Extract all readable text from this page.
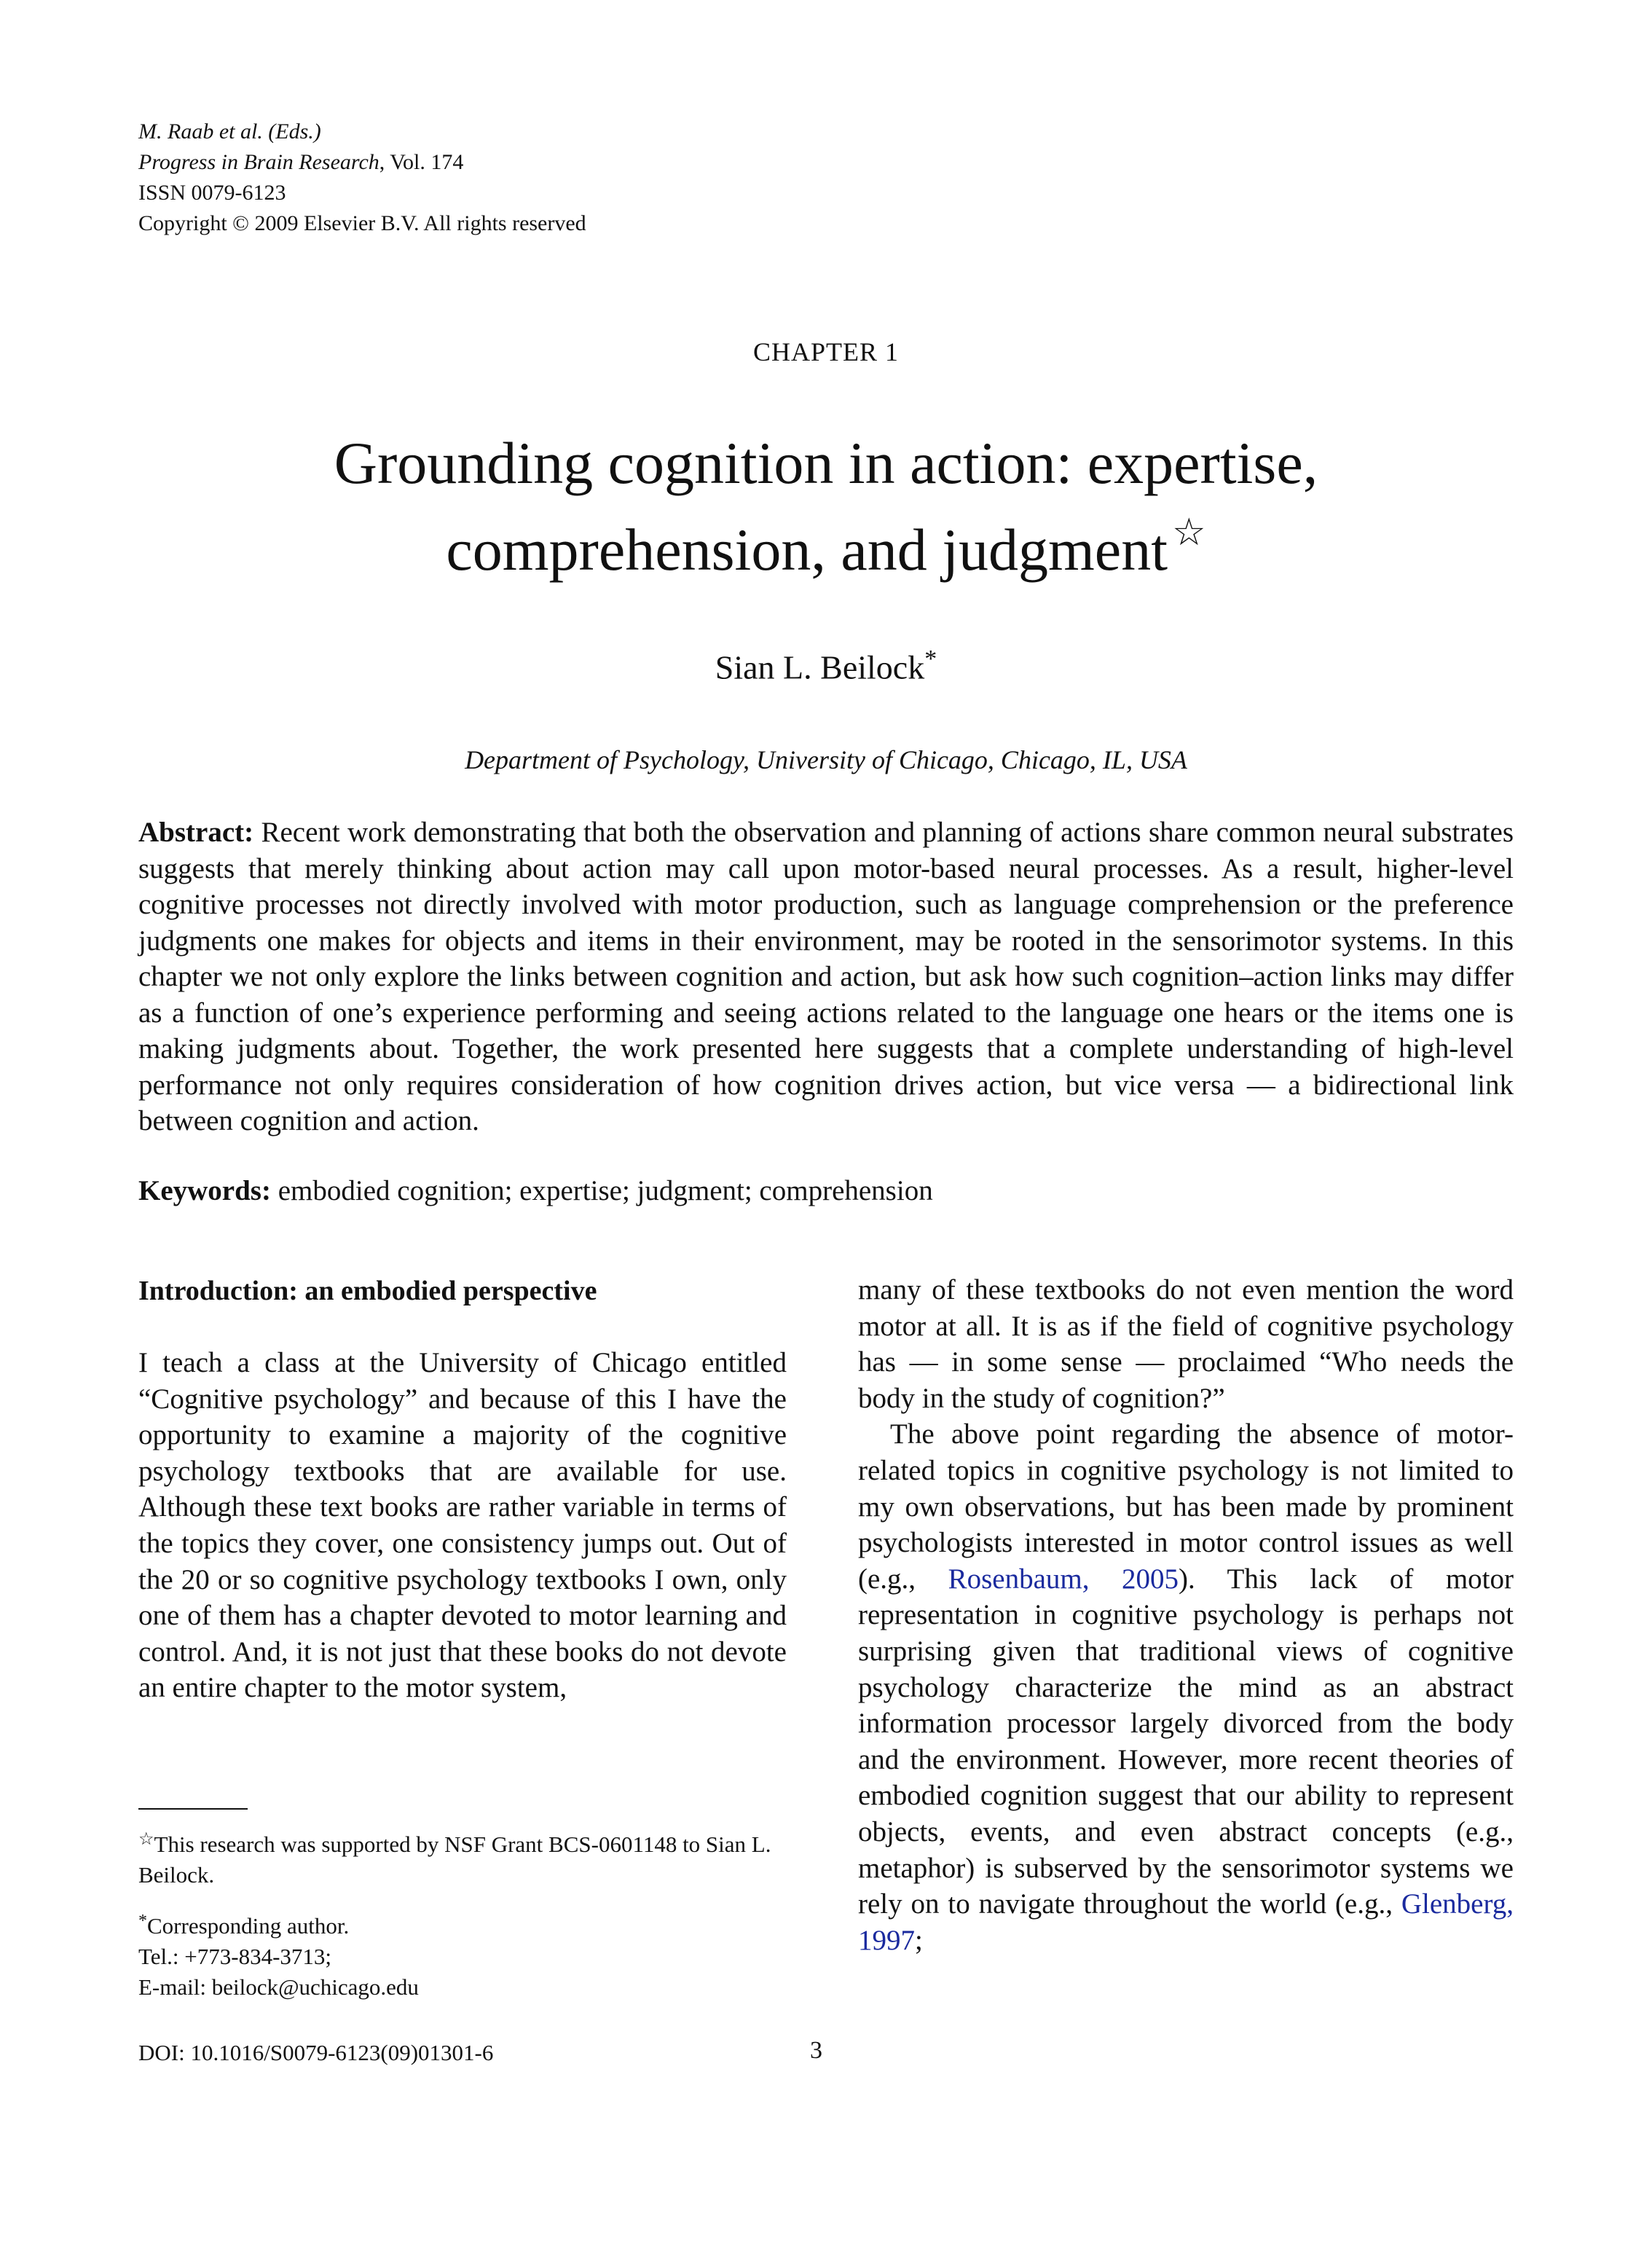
M. Raab et al. (Eds.)
Progress in Brain Research, Vol. 174
ISSN 0079-6123
Copyright © 2009 Elsevier B.V. All rights reserved
CHAPTER 1
Grounding cognition in action: expertise,
comprehension, and judgment ☆
Sian L. Beilock*
Department of Psychology, University of Chicago, Chicago, IL, USA
Abstract: Recent work demonstrating that both the observation and planning of actions share common neural substrates suggests that merely thinking about action may call upon motor-based neural processes. As a result, higher-level cognitive processes not directly involved with motor production, such as language comprehension or the preference judgments one makes for objects and items in their environment, may be rooted in the sensorimotor systems. In this chapter we not only explore the links between cognition and action, but ask how such cognition–action links may differ as a function of one’s experience performing and seeing actions related to the language one hears or the items one is making judgments about. Together, the work presented here suggests that a complete understanding of high-level performance not only requires consideration of how cognition drives action, but vice versa — a bidirectional link between cognition and action.
Keywords: embodied cognition; expertise; judgment; comprehension
Introduction: an embodied perspective

I teach a class at the University of Chicago entitled “Cognitive psychology” and because of this I have the opportunity to examine a majority of the cognitive psychology textbooks that are available for use. Although these text books are rather variable in terms of the topics they cover, one consistency jumps out. Out of the 20 or so cognitive psychology textbooks I own, only one of them has a chapter devoted to motor learning and control. And, it is not just that these books do not devote an entire chapter to the motor system,

many of these textbooks do not even mention the word motor at all. It is as if the field of cognitive psychology has — in some sense — proclaimed “Who needs the body in the study of cognition?”

The above point regarding the absence of motor-related topics in cognitive psychology is not limited to my own observations, but has been made by prominent psychologists interested in motor control issues as well (e.g., Rosenbaum, 2005). This lack of motor representation in cognitive psychology is perhaps not surprising given that traditional views of cognitive psychology characterize the mind as an abstract information processor largely divorced from the body and the environment. However, more recent theories of embodied cognition suggest that our ability to represent objects, events, and even abstract concepts (e.g., metaphor) is subserved by the sensorimotor systems we rely on to navigate throughout the world (e.g., Glenberg, 1997;

☆This research was supported by NSF Grant BCS-0601148 to Sian L. Beilock.
*Corresponding author.
Tel.: +773-834-3713;
E-mail: beilock@uchicago.edu
DOI: 10.1016/S0079-6123(09)01301-6	3
